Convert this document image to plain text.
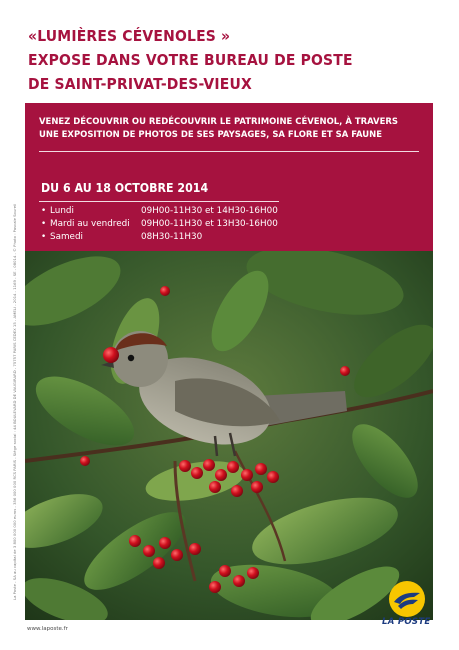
«LUMIÈRES CÉVENOLES »
EXPOSE DANS VOTRE BUREAU DE POSTE
DE SAINT-PRIVAT-DES-VIEUX
VENEZ DÉCOUVRIR OU REDÉCOUVRIR LE PATRIMOINE CÉVENOL, À TRAVERS
UNE EXPOSITION DE PHOTOS DE SES PAYSAGES, SA FLORE ET SA FAUNE
DU 6 AU 18 OCTOBRE 2014
• Lundi	09H00-11H30 et 14H30-16H00
• Mardi au vendredi	09H00-11H30 et 13H30-16H00
• Samedi	08H30-11H30
La Poste - SA au capital de 3 800 000 000 euros - 356 000 000 RCS PARIS - Siège social : 44 BOULEVARD DE VAUGIRARD - 75757 PARIS CEDEX 15 - AMELI - 2014 - 1169 - SE - 08014 - © Photo : Pascale Soureil
www.laposte.fr
LA POSTE
